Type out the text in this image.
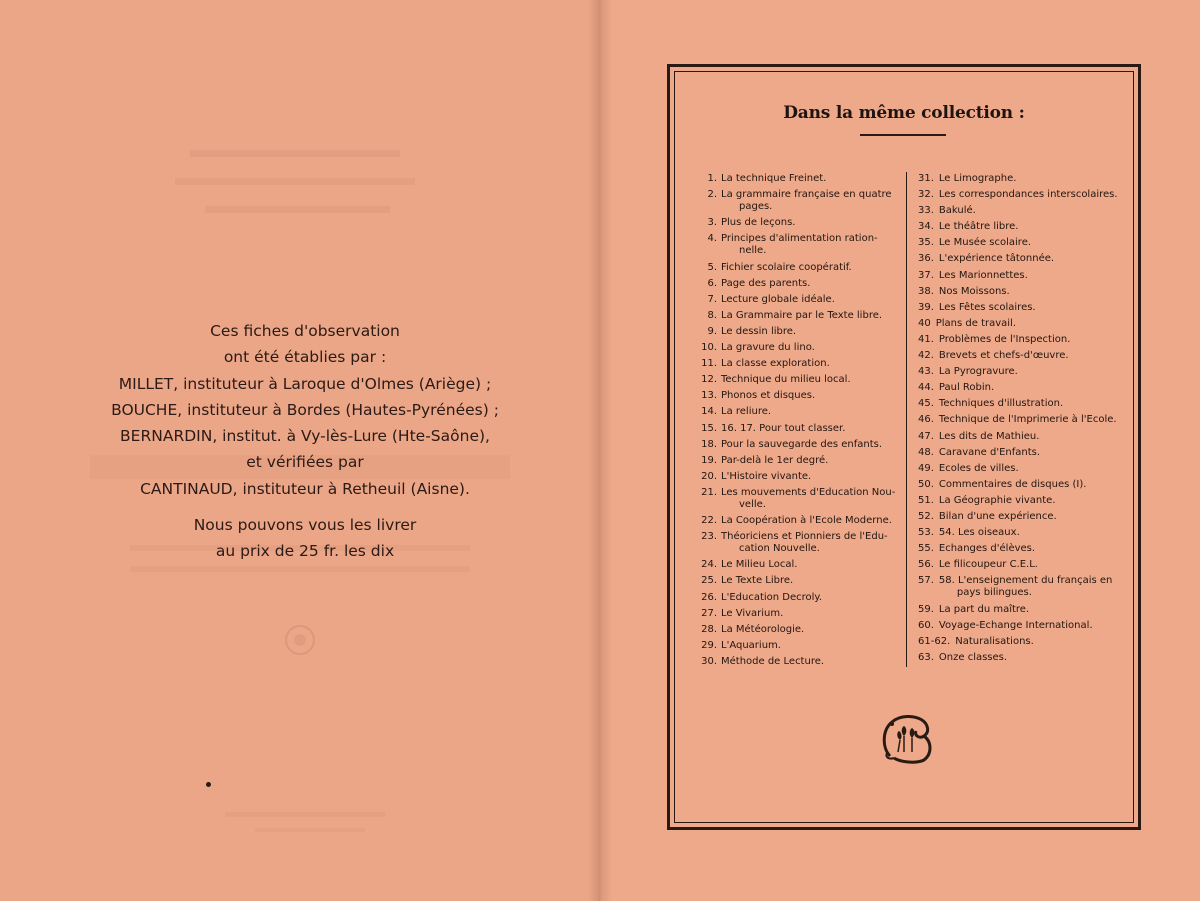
Ces fiches d'observation
ont été établies par :
MILLET, instituteur à Laroque d'Olmes (Ariège) ;
BOUCHE, instituteur à Bordes (Hautes-Pyrénées) ;
BERNARDIN, institut. à Vy-lès-Lure (Hte-Saône),
et vérifiées par
CANTINAUD, instituteur à Retheuil (Aisne).
Nous pouvons vous les livrer
au prix de 25 fr. les dix
Dans la même collection :
1. La technique Freinet.
2. La grammaire française en quatre
pages.
3. Plus de leçons.
4. Principes d'alimentation ration-
nelle.
5. Fichier scolaire coopératif.
6. Page des parents.
7. Lecture globale idéale.
8. La Grammaire par le Texte libre.
9. Le dessin libre.
10. La gravure du lino.
11. La classe exploration.
12. Technique du milieu local.
13. Phonos et disques.
14. La reliure.
15. 16. 17. Pour tout classer.
18. Pour la sauvegarde des enfants.
19. Par-delà le 1er degré.
20. L'Histoire vivante.
21. Les mouvements d'Education Nou-
velle.
22. La Coopération à l'Ecole Moderne.
23. Théoriciens et Pionniers de l'Edu-
cation Nouvelle.
24. Le Milieu Local.
25. Le Texte Libre.
26. L'Education Decroly.
27. Le Vivarium.
28. La Météorologie.
29. L'Aquarium.
30. Méthode de Lecture.
31. Le Limographe.
32. Les correspondances interscolaires.
33. Bakulé.
34. Le théâtre libre.
35. Le Musée scolaire.
36. L'expérience tâtonnée.
37. Les Marionnettes.
38. Nos Moissons.
39. Les Fêtes scolaires.
40 Plans de travail.
41. Problèmes de l'Inspection.
42. Brevets et chefs-d'œuvre.
43. La Pyrogravure.
44. Paul Robin.
45. Techniques d'illustration.
46. Technique de l'Imprimerie à l'Ecole.
47. Les dits de Mathieu.
48. Caravane d'Enfants.
49. Ecoles de villes.
50. Commentaires de disques (I).
51. La Géographie vivante.
52. Bilan d'une expérience.
53. 54. Les oiseaux.
55. Echanges d'élèves.
56. Le filicoupeur C.E.L.
57. 58. L'enseignement du français en
pays bilingues.
59. La part du maître.
60. Voyage-Echange International.
61-62. Naturalisations.
63. Onze classes.
